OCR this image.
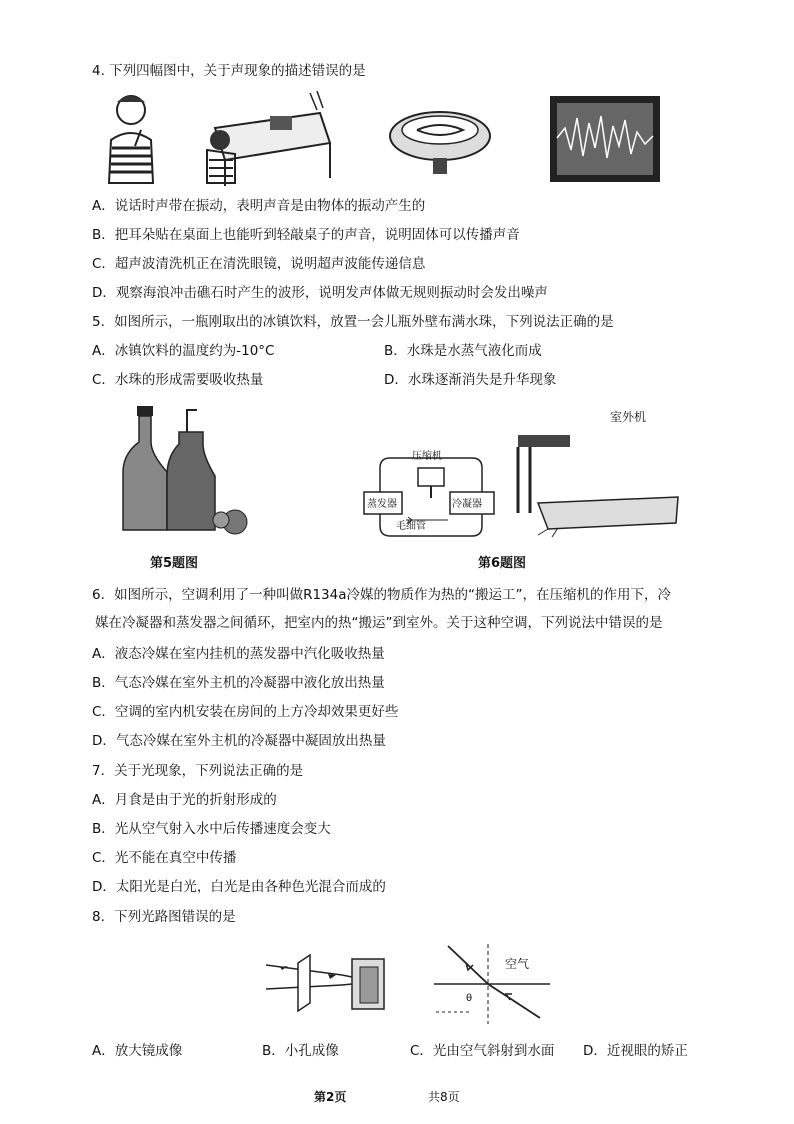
4. 下列四幅图中，关于声现象的描述错误的是
A．说话时声带在振动，表明声音是由物体的振动产生的
B．把耳朵贴在桌面上也能听到轻敲桌子的声音，说明固体可以传播声音
C．超声波清洗机正在清洗眼镜，说明超声波能传递信息
D．观察海浪冲击礁石时产生的波形，说明发声体做无规则振动时会发出噪声
5．如图所示，一瓶刚取出的冰镇饮料，放置一会儿瓶外壁布满水珠，下列说法正确的是
A．冰镇饮料的温度约为-10°C	B．水珠是水蒸气液化而成
C．水珠的形成需要吸收热量	D．水珠逐渐消失是升华现象
第5题图
压缩机
蒸发器	冷凝器
毛细管
室外机
第6题图
6．如图所示，空调利用了一种叫做R134a冷媒的物质作为热的“搬运工”，在压缩机的作用下，冷
媒在冷凝器和蒸发器之间循环，把室内的热“搬运”到室外。关于这种空调，下列说法中错误的是
A．液态冷媒在室内挂机的蒸发器中汽化吸收热量
B．气态冷媒在室外主机的冷凝器中液化放出热量
C．空调的室内机安装在房间的上方冷却效果更好些
D．气态冷媒在室外主机的冷凝器中凝固放出热量
7．关于光现象，下列说法正确的是
A．月食是由于光的折射形成的
B．光从空气射入水中后传播速度会变大
C．光不能在真空中传播
D．太阳光是白光，白光是由各种色光混合而成的
8．下列光路图错误的是
空气
θ
A．放大镜成像	B．小孔成像	C．光由空气斜射到水面 D．近视眼的矫正
第2页	共8页
